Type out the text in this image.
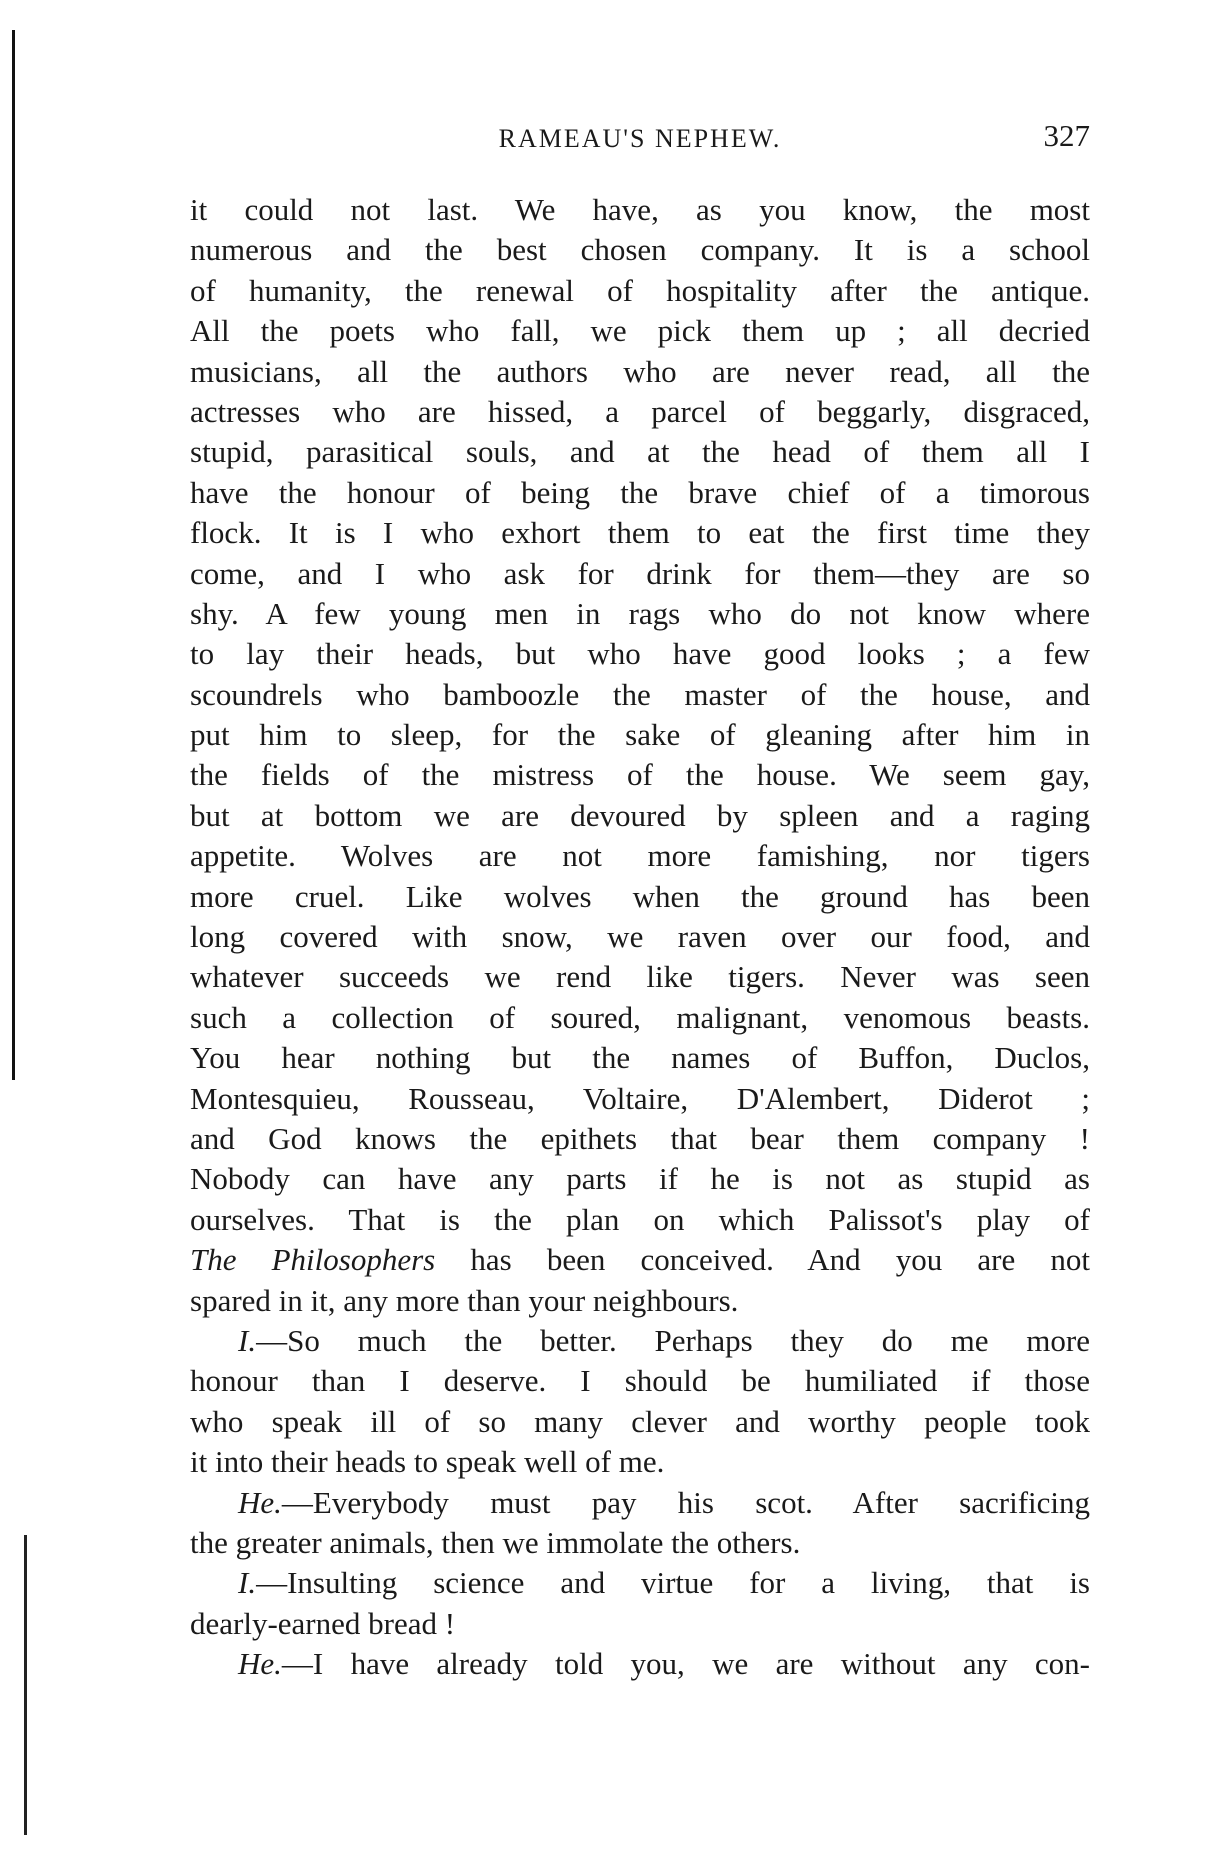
RAMEAU'S NEPHEW.	327
it could not last. We have, as you know, the most
numerous and the best chosen company. It is a school
of humanity, the renewal of hospitality after the antique.
All the poets who fall, we pick them up ; all decried
musicians, all the authors who are never read, all the
actresses who are hissed, a parcel of beggarly, disgraced,
stupid, parasitical souls, and at the head of them all I
have the honour of being the brave chief of a timorous
flock. It is I who exhort them to eat the first time they
come, and I who ask for drink for them—they are so
shy. A few young men in rags who do not know where
to lay their heads, but who have good looks ; a few
scoundrels who bamboozle the master of the house, and
put him to sleep, for the sake of gleaning after him in
the fields of the mistress of the house. We seem gay,
but at bottom we are devoured by spleen and a raging
appetite. Wolves are not more famishing, nor tigers
more cruel. Like wolves when the ground has been
long covered with snow, we raven over our food, and
whatever succeeds we rend like tigers. Never was seen
such a collection of soured, malignant, venomous beasts.
You hear nothing but the names of Buffon, Duclos,
Montesquieu, Rousseau, Voltaire, D'Alembert, Diderot ;
and God knows the epithets that bear them company !
Nobody can have any parts if he is not as stupid as
ourselves. That is the plan on which Palissot's play of
The Philosophers has been conceived. And you are not
spared in it, any more than your neighbours.
I.—So much the better. Perhaps they do me more
honour than I deserve. I should be humiliated if those
who speak ill of so many clever and worthy people took
it into their heads to speak well of me.
He.—Everybody must pay his scot. After sacrificing
the greater animals, then we immolate the others.
I.—Insulting science and virtue for a living, that is
dearly-earned bread !
He.—I have already told you, we are without any con-
